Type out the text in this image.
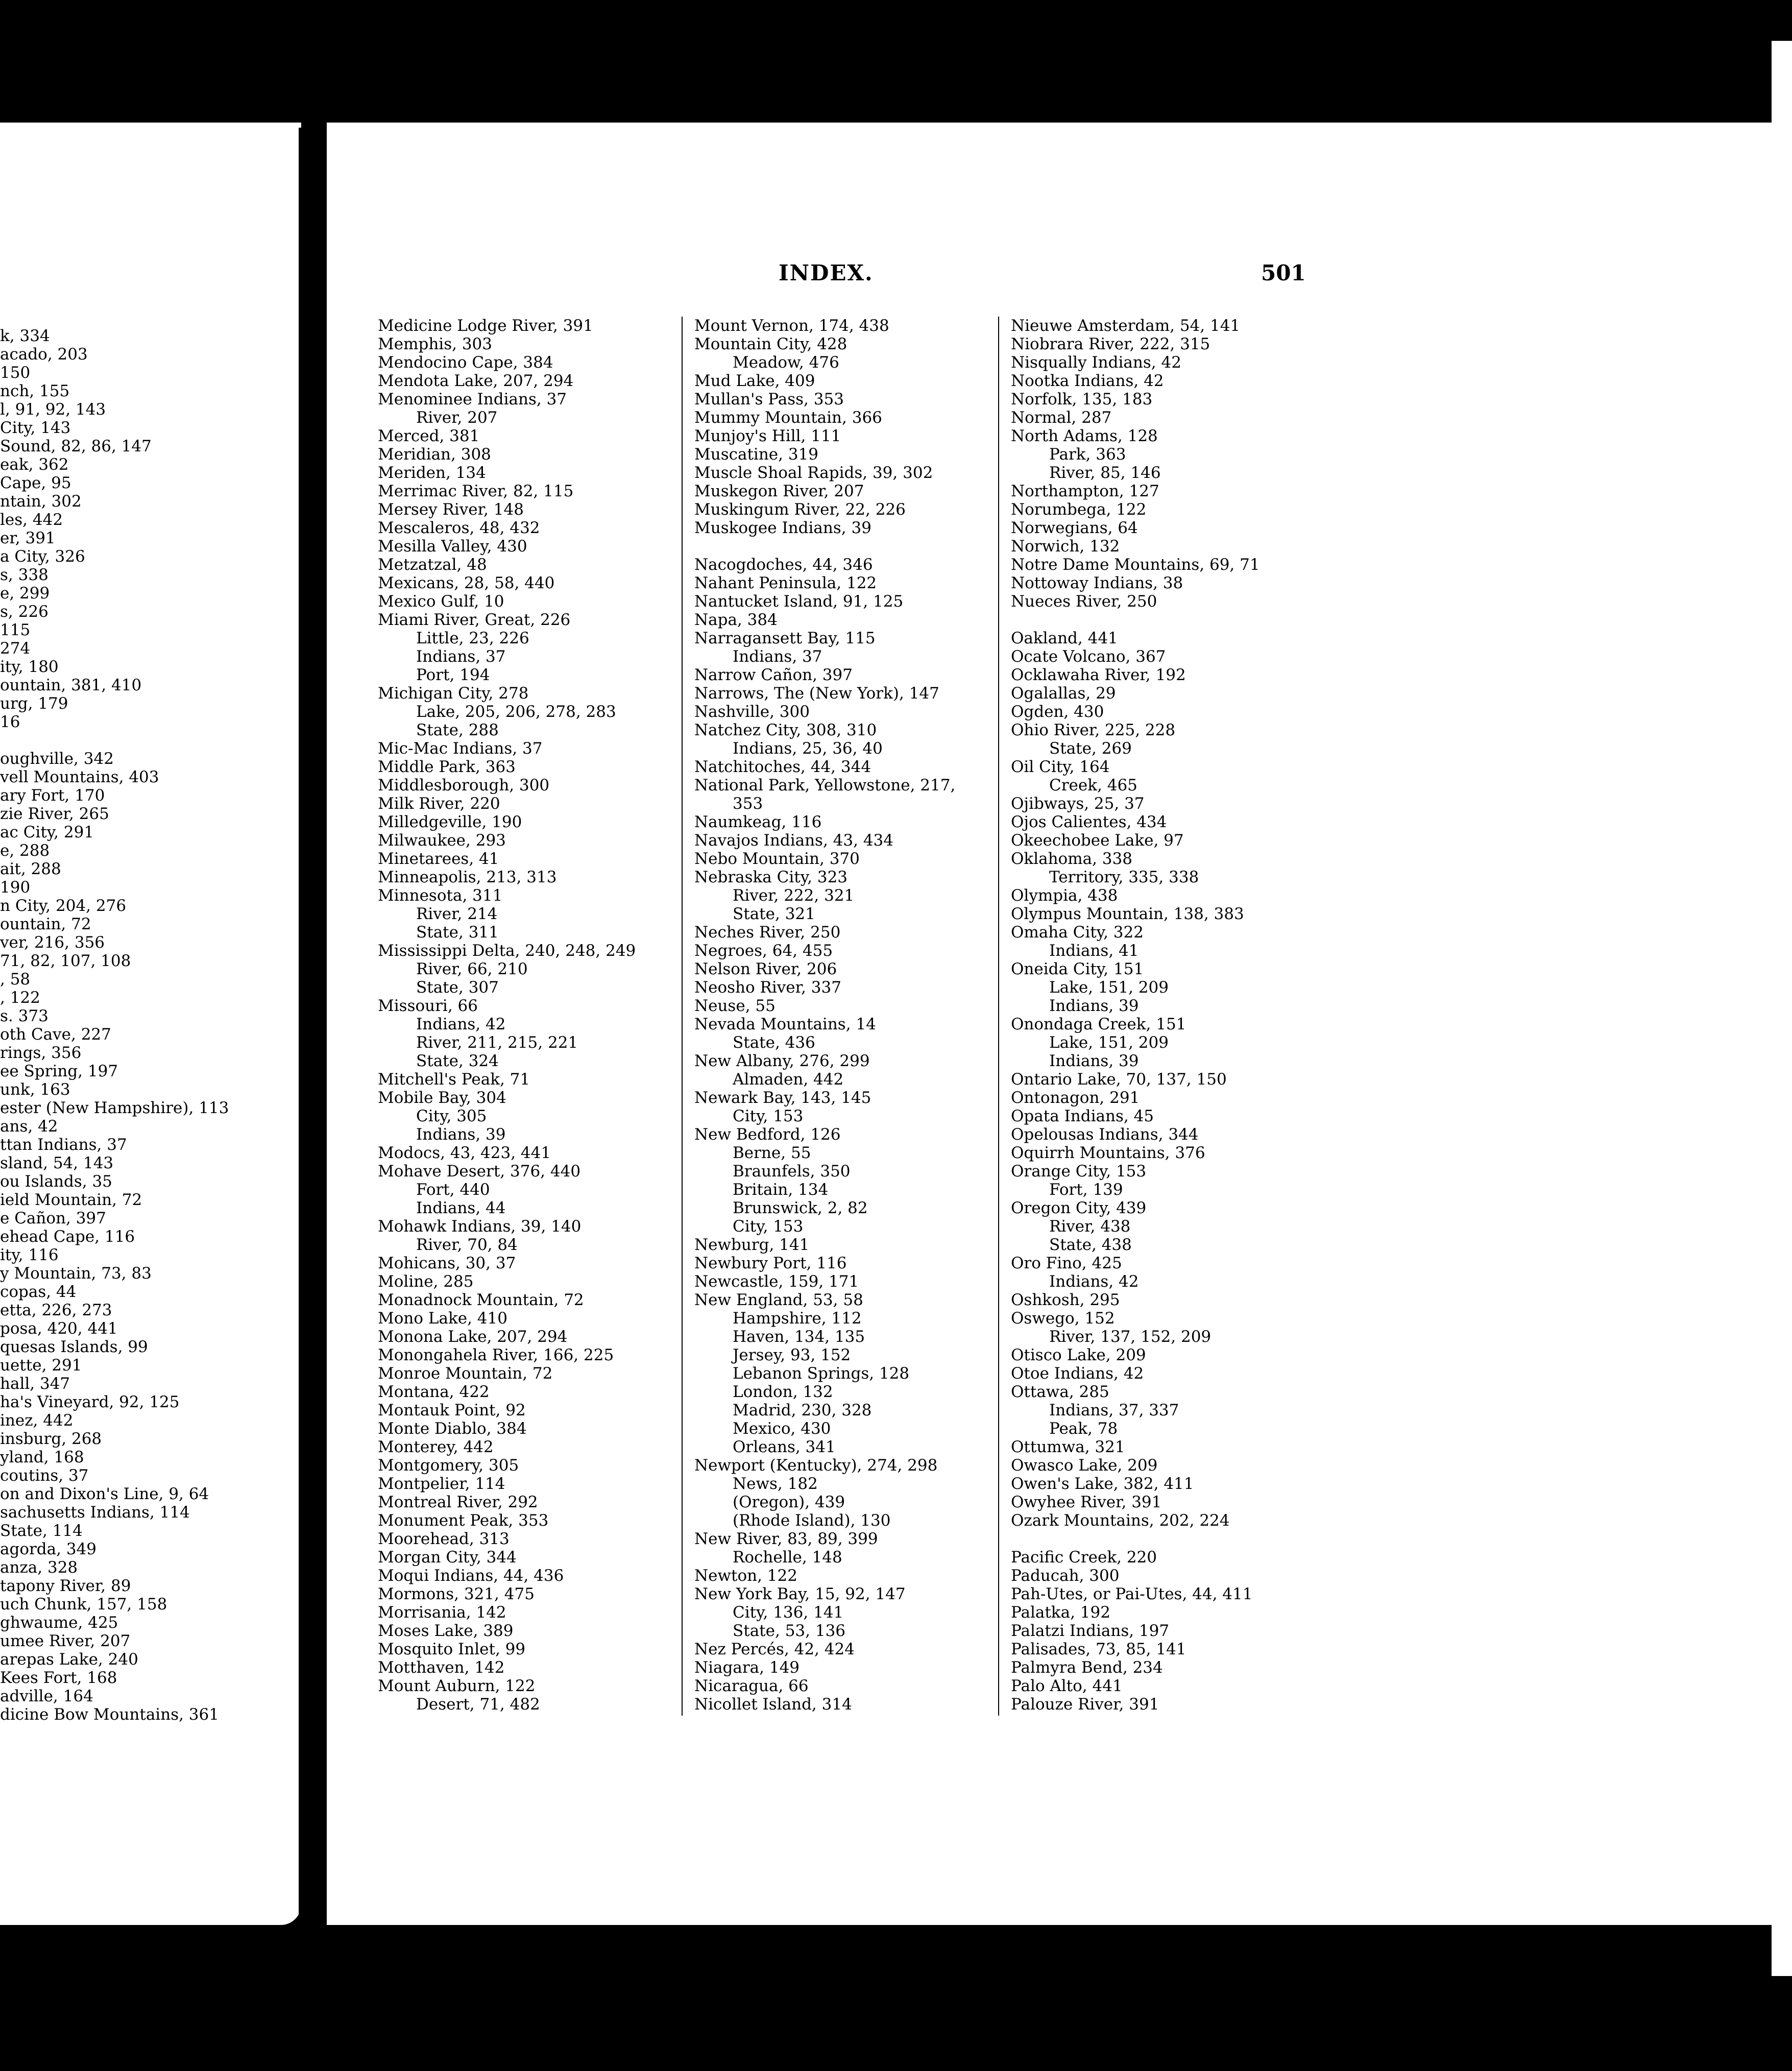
k, 334
acado, 203
150
nch, 155
l, 91, 92, 143
City, 143
Sound, 82, 86, 147
eak, 362
Cape, 95
ntain, 302
les, 442
er, 391
a City, 326
s, 338
e, 299
s, 226
115
274
ity, 180
ountain, 381, 410
urg, 179
16
oughville, 342
vell Mountains, 403
ary Fort, 170
zie River, 265
ac City, 291
e, 288
ait, 288
190
n City, 204, 276
ountain, 72
ver, 216, 356
71, 82, 107, 108
, 58
, 122
s. 373
oth Cave, 227
rings, 356
ee Spring, 197
unk, 163
ester (New Hampshire), 113
ans, 42
ttan Indians, 37
sland, 54, 143
ou Islands, 35
ield Mountain, 72
e Cañon, 397
ehead Cape, 116
ity, 116
y Mountain, 73, 83
copas, 44
etta, 226, 273
posa, 420, 441
quesas Islands, 99
uette, 291
hall, 347
ha's Vineyard, 92, 125
inez, 442
insburg, 268
yland, 168
coutins, 37
on and Dixon's Line, 9, 64
sachusetts Indians, 114
State, 114
agorda, 349
anza, 328
tapony River, 89
uch Chunk, 157, 158
ghwaume, 425
umee River, 207
arepas Lake, 240
Kees Fort, 168
adville, 164
dicine Bow Mountains, 361
INDEX.	501
Medicine Lodge River, 391
Memphis, 303
Mendocino Cape, 384
Mendota Lake, 207, 294
Menominee Indians, 37
River, 207
Merced, 381
Meridian, 308
Meriden, 134
Merrimac River, 82, 115
Mersey River, 148
Mescaleros, 48, 432
Mesilla Valley, 430
Metzatzal, 48
Mexicans, 28, 58, 440
Mexico Gulf, 10
Miami River, Great, 226
Little, 23, 226
Indians, 37
Port, 194
Michigan City, 278
Lake, 205, 206, 278, 283
State, 288
Mic-Mac Indians, 37
Middle Park, 363
Middlesborough, 300
Milk River, 220
Milledgeville, 190
Milwaukee, 293
Minetarees, 41
Minneapolis, 213, 313
Minnesota, 311
River, 214
State, 311
Mississippi Delta, 240, 248, 249
River, 66, 210
State, 307
Missouri, 66
Indians, 42
River, 211, 215, 221
State, 324
Mitchell's Peak, 71
Mobile Bay, 304
City, 305
Indians, 39
Modocs, 43, 423, 441
Mohave Desert, 376, 440
Fort, 440
Indians, 44
Mohawk Indians, 39, 140
River, 70, 84
Mohicans, 30, 37
Moline, 285
Monadnock Mountain, 72
Mono Lake, 410
Monona Lake, 207, 294
Monongahela River, 166, 225
Monroe Mountain, 72
Montana, 422
Montauk Point, 92
Monte Diablo, 384
Monterey, 442
Montgomery, 305
Montpelier, 114
Montreal River, 292
Monument Peak, 353
Moorehead, 313
Morgan City, 344
Moqui Indians, 44, 436
Mormons, 321, 475
Morrisania, 142
Moses Lake, 389
Mosquito Inlet, 99
Motthaven, 142
Mount Auburn, 122
Desert, 71, 482
Mount Vernon, 174, 438
Mountain City, 428
Meadow, 476
Mud Lake, 409
Mullan's Pass, 353
Mummy Mountain, 366
Munjoy's Hill, 111
Muscatine, 319
Muscle Shoal Rapids, 39, 302
Muskegon River, 207
Muskingum River, 22, 226
Muskogee Indians, 39
Nacogdoches, 44, 346
Nahant Peninsula, 122
Nantucket Island, 91, 125
Napa, 384
Narragansett Bay, 115
Indians, 37
Narrow Cañon, 397
Narrows, The (New York), 147
Nashville, 300
Natchez City, 308, 310
Indians, 25, 36, 40
Natchitoches, 44, 344
National Park, Yellowstone, 217,
353
Naumkeag, 116
Navajos Indians, 43, 434
Nebo Mountain, 370
Nebraska City, 323
River, 222, 321
State, 321
Neches River, 250
Negroes, 64, 455
Nelson River, 206
Neosho River, 337
Neuse, 55
Nevada Mountains, 14
State, 436
New Albany, 276, 299
Almaden, 442
Newark Bay, 143, 145
City, 153
New Bedford, 126
Berne, 55
Braunfels, 350
Britain, 134
Brunswick, 2, 82
City, 153
Newburg, 141
Newbury Port, 116
Newcastle, 159, 171
New England, 53, 58
Hampshire, 112
Haven, 134, 135
Jersey, 93, 152
Lebanon Springs, 128
London, 132
Madrid, 230, 328
Mexico, 430
Orleans, 341
Newport (Kentucky), 274, 298
News, 182
(Oregon), 439
(Rhode Island), 130
New River, 83, 89, 399
Rochelle, 148
Newton, 122
New York Bay, 15, 92, 147
City, 136, 141
State, 53, 136
Nez Percés, 42, 424
Niagara, 149
Nicaragua, 66
Nicollet Island, 314
Nieuwe Amsterdam, 54, 141
Niobrara River, 222, 315
Nisqually Indians, 42
Nootka Indians, 42
Norfolk, 135, 183
Normal, 287
North Adams, 128
Park, 363
River, 85, 146
Northampton, 127
Norumbega, 122
Norwegians, 64
Norwich, 132
Notre Dame Mountains, 69, 71
Nottoway Indians, 38
Nueces River, 250
Oakland, 441
Ocate Volcano, 367
Ocklawaha River, 192
Ogalallas, 29
Ogden, 430
Ohio River, 225, 228
State, 269
Oil City, 164
Creek, 465
Ojibways, 25, 37
Ojos Calientes, 434
Okeechobee Lake, 97
Oklahoma, 338
Territory, 335, 338
Olympia, 438
Olympus Mountain, 138, 383
Omaha City, 322
Indians, 41
Oneida City, 151
Lake, 151, 209
Indians, 39
Onondaga Creek, 151
Lake, 151, 209
Indians, 39
Ontario Lake, 70, 137, 150
Ontonagon, 291
Opata Indians, 45
Opelousas Indians, 344
Oquirrh Mountains, 376
Orange City, 153
Fort, 139
Oregon City, 439
River, 438
State, 438
Oro Fino, 425
Indians, 42
Oshkosh, 295
Oswego, 152
River, 137, 152, 209
Otisco Lake, 209
Otoe Indians, 42
Ottawa, 285
Indians, 37, 337
Peak, 78
Ottumwa, 321
Owasco Lake, 209
Owen's Lake, 382, 411
Owyhee River, 391
Ozark Mountains, 202, 224
Pacific Creek, 220
Paducah, 300
Pah-Utes, or Pai-Utes, 44, 411
Palatka, 192
Palatzi Indians, 197
Palisades, 73, 85, 141
Palmyra Bend, 234
Palo Alto, 441
Palouze River, 391
